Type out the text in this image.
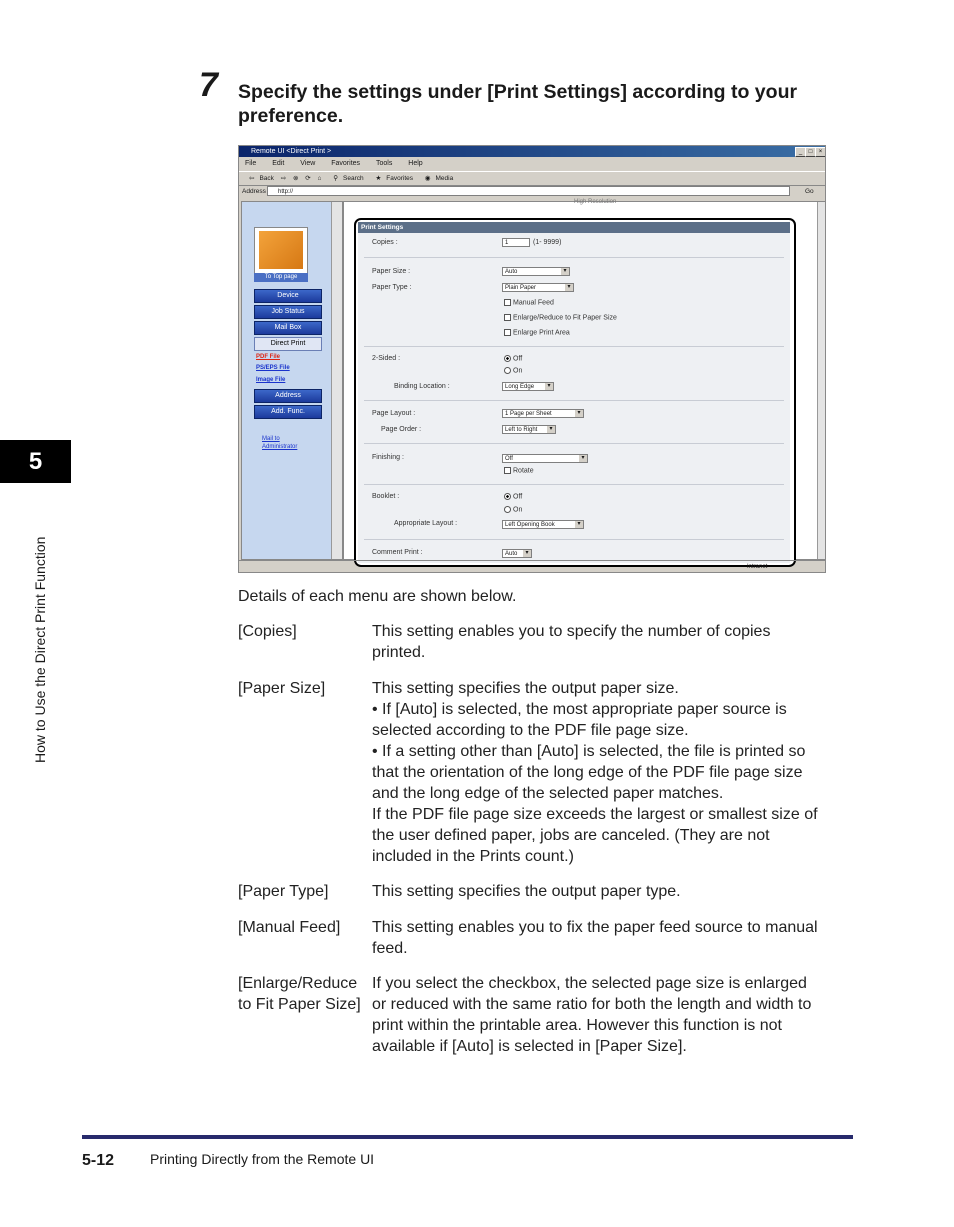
5
How to Use the Direct Print Function
7 Specify the settings under [Print Settings] according to your preference.
Remote UI <Direct Print >	_	□	×
File Edit View Favorites Tools Help
⇦ Back ⇨ ⊗ ⟳ ⌂ ⚲ Search ★ Favorites ◉ Media
Address	http://	Go
To Top page
Device
Job Status
Mail Box
Direct Print
PDF File
PS/EPS File
Image File
Address
Add. Func.
Mail to Administrator
High Resolution
Print Settings
Copies :	1	(1- 9999)
Paper Size :	Auto ▾
Paper Type :	Plain Paper ▾
Manual Feed
Enlarge/Reduce to Fit Paper Size
Enlarge Print Area
2-Sided :	Off
On
Binding Location :	Long Edge ▾
Page Layout :	1 Page per Sheet ▾
Page Order :	Left to Right ▾
Finishing :	Off ▾
Rotate
Booklet :	Off
On
Appropriate Layout :	Left Opening Book ▾
Comment Print :	Auto ▾
Intranet
Details of each menu are shown below.
[Copies]	This setting enables you to specify the number of copies
printed.
[Paper Size]	This setting specifies the output paper size.
• If [Auto] is selected, the most appropriate paper source is
selected according to the PDF file page size.
• If a setting other than [Auto] is selected, the file is printed so
that the orientation of the long edge of the PDF file page size
and the long edge of the selected paper matches.
If the PDF file page size exceeds the largest or smallest size of
the user defined paper, jobs are canceled. (They are not
included in the Prints count.)
[Paper Type]	This setting specifies the output paper type.
[Manual Feed] This setting enables you to fix the paper feed source to manual
feed.
[Enlarge/Reduce
to Fit Paper Size]
If you select the checkbox, the selected page size is enlarged
or reduced with the same ratio for both the length and width to
print within the printable area. However this function is not
available if [Auto] is selected in [Paper Size].
5-12	Printing Directly from the Remote UI
